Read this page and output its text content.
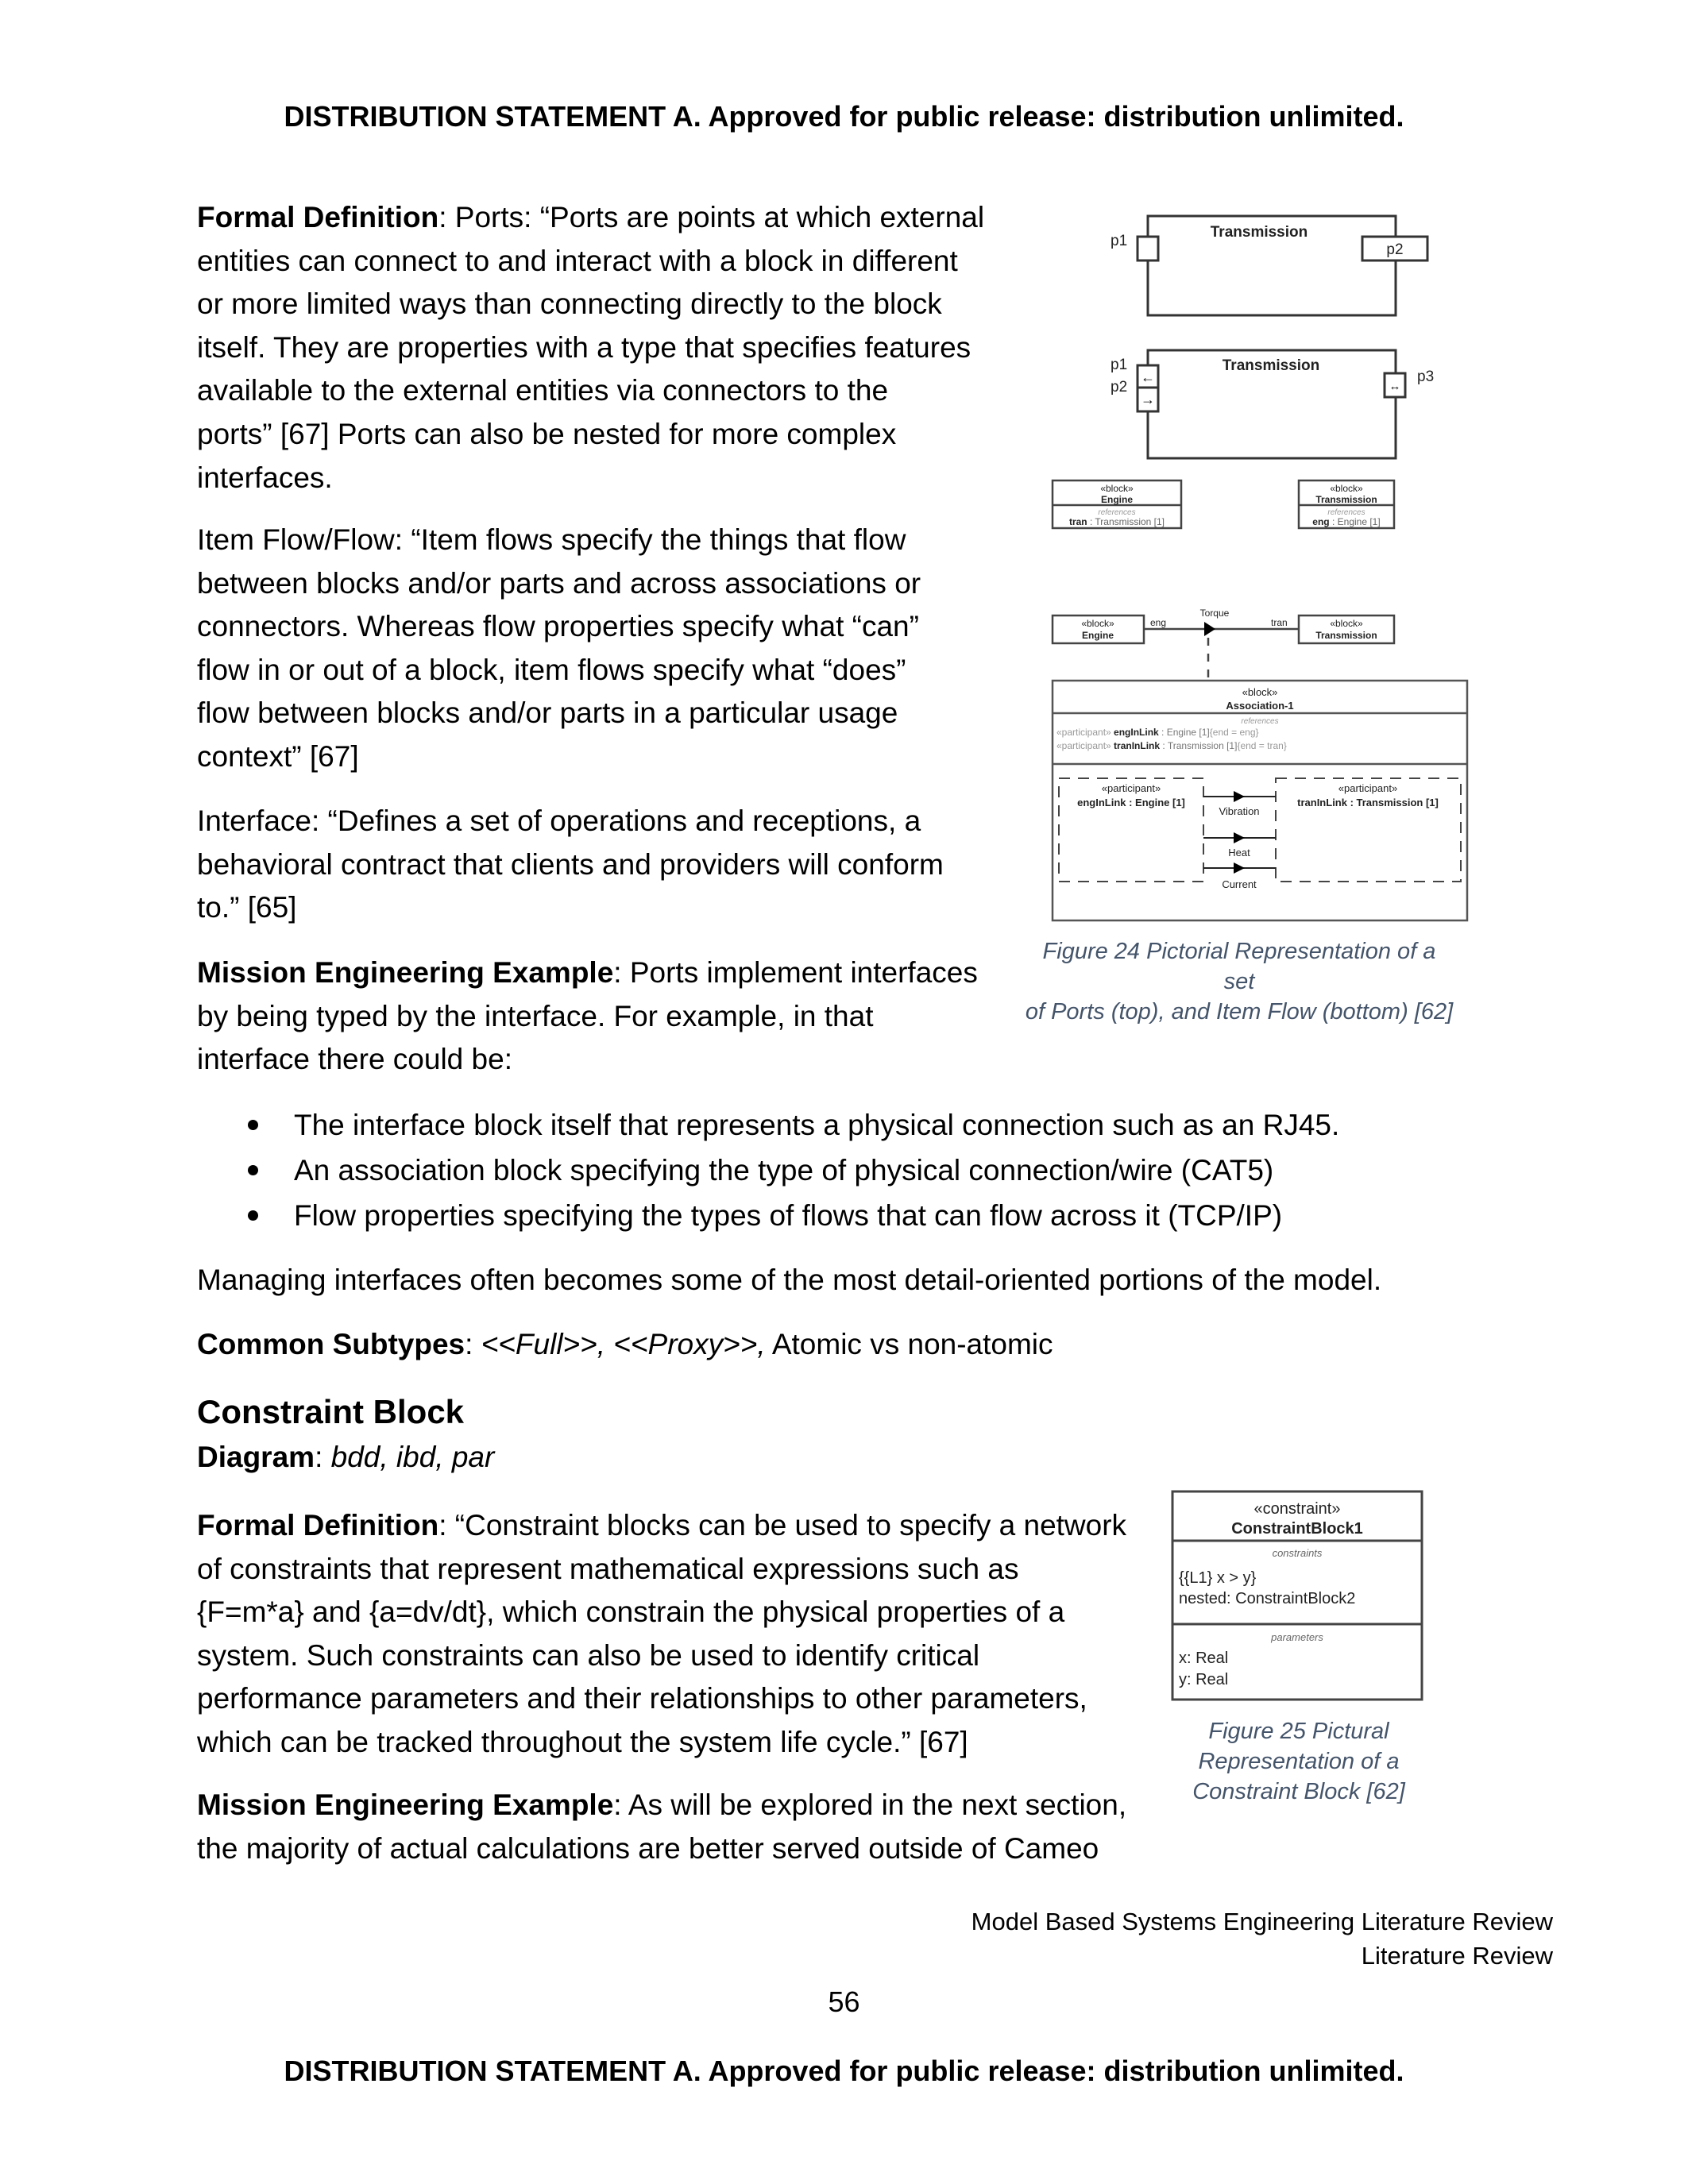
DISTRIBUTION STATEMENT A. Approved for public release: distribution unlimited.
Formal Definition: Ports: “Ports are points at which external
entities can connect to and interact with a block in different
or more limited ways than connecting directly to the block
itself. They are properties with a type that specifies features
available to the external entities via connectors to the
ports” [67] Ports can also be nested for more complex
interfaces.
Item Flow/Flow: “Item flows specify the things that flow
between blocks and/or parts and across associations or
connectors. Whereas flow properties specify what “can”
flow in or out of a block, item flows specify what “does”
flow between blocks and/or parts in a particular usage
context” [67]
Interface: “Defines a set of operations and receptions, a
behavioral contract that clients and providers will conform
to.” [65]
Mission Engineering Example: Ports implement interfaces
by being typed by the interface. For example, in that
interface there could be:
The interface block itself that represents a physical connection such as an RJ45.
An association block specifying the type of physical connection/wire (CAT5)
Flow properties specifying the types of flows that can flow across it (TCP/IP)
Managing interfaces often becomes some of the most detail-oriented portions of the model.
Common Subtypes: <<Full>>, <<Proxy>>, Atomic vs non-atomic
Transmission
p1
p2
Transmission
p1
p2
p3
←
→
↔
«block»
Engine
references
tran : Transmission [1]
«block»
Transmission
references
eng : Engine [1]
«block»
Engine
«block»
Transmission
eng	tran
Torque
«block»
Association-1
references
«participant» engInLink : Engine [1]{end = eng}
«participant» tranInLink : Transmission [1]{end = tran}
«participant»
engInLink : Engine [1]
«participant»
tranInLink : Transmission [1]
Vibration
Heat
Current
Figure 24 Pictorial Representation of a set
of Ports (top), and Item Flow (bottom) [62]
Constraint Block
Diagram: bdd, ibd, par
Formal Definition: “Constraint blocks can be used to specify a network
of constraints that represent mathematical expressions such as
{F=m*a} and {a=dv/dt}, which constrain the physical properties of a
system. Such constraints can also be used to identify critical
performance parameters and their relationships to other parameters,
which can be tracked throughout the system life cycle.” [67]
Mission Engineering Example: As will be explored in the next section,
the majority of actual calculations are better served outside of Cameo
«constraint»
ConstraintBlock1
constraints
{{L1} x > y}
nested: ConstraintBlock2
parameters
x: Real
y: Real
Figure 25 Pictural
Representation of a
Constraint Block [62]
Model Based Systems Engineering Literature Review
Literature Review
56
DISTRIBUTION STATEMENT A. Approved for public release: distribution unlimited.
